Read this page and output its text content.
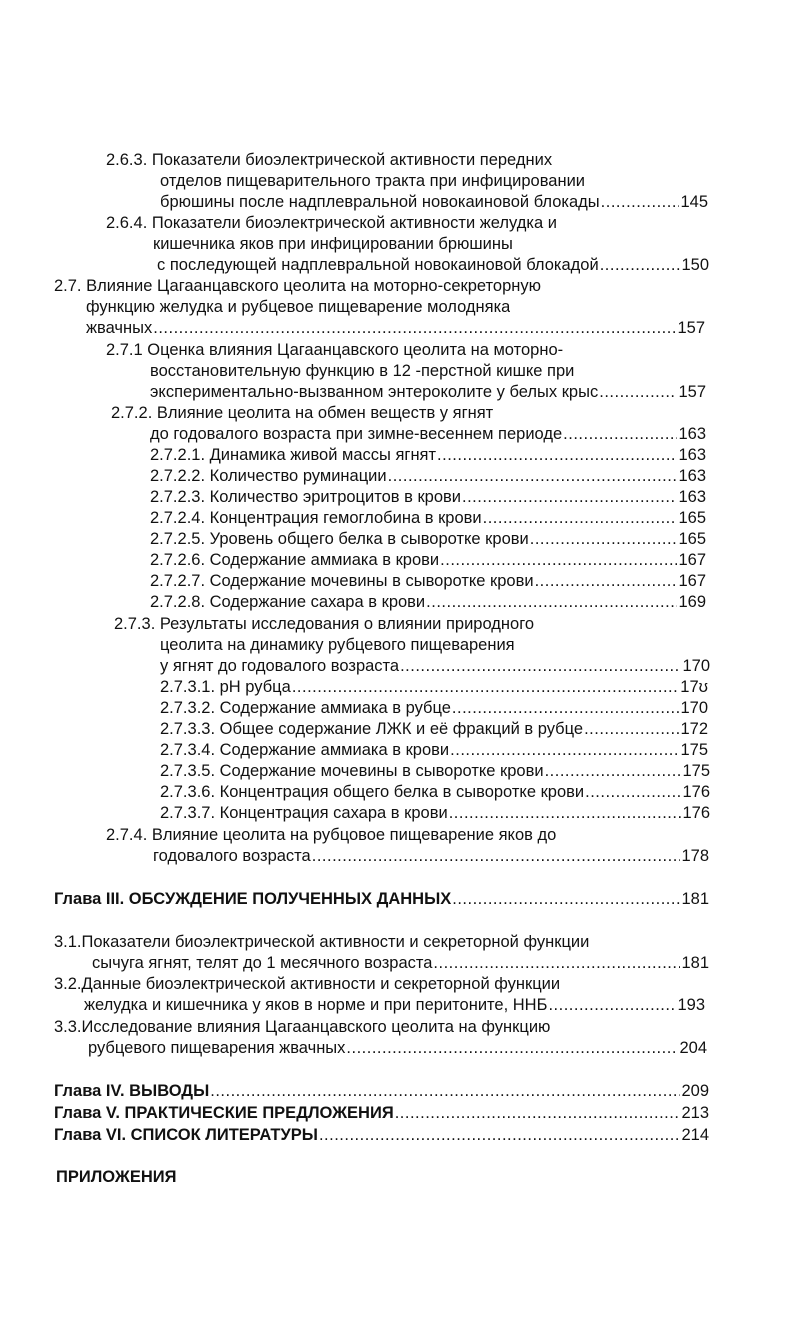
2.6.3. Показатели биоэлектрической активности передних
отделов пищеварительного тракта при инфицировании
брюшины после надплевральной новокаиновой блокады .....	145
2.6.4. Показатели биоэлектрической активности желудка и
кишечника яков при инфицировании брюшины
с последующей надплевральной новокаиновой блокадой .....	150
2.7. Влияние Цагаанцавского цеолита на моторно-секреторную
функцию желудка и рубцевое пищеварение молодняка
жвачных .....	157
2.7.1 Оценка влияния Цагаанцавского цеолита на моторно-
восстановительную функцию в 12 -перстной кишке при
экспериментально-вызванном энтероколите у белых крыс .....	157
2.7.2. Влияние цеолита на обмен веществ у ягнят
до годовалого возраста при зимне-весеннем периоде .....	163
2.7.2.1. Динамика живой массы ягнят .....	163
2.7.2.2. Количество руминации .....	163
2.7.2.3. Количество эритроцитов в крови .....	163
2.7.2.4. Концентрация гемоглобина в крови .....	165
2.7.2.5. Уровень общего белка в сыворотке крови .....	165
2.7.2.6. Содержание аммиака в крови .....	167
2.7.2.7. Содержание мочевины в сыворотке крови .....	167
2.7.2.8. Содержание сахара в крови .....	169
2.7.3. Результаты исследования о влиянии природного
цеолита на динамику рубцевого пищеварения
у ягнят до годовалого возраста .....	170
2.7.3.1. pH рубца .....	17ʊ
2.7.3.2. Содержание аммиака в рубце .....	170
2.7.3.3. Общее содержание ЛЖК и её фракций в рубце .....	172
2.7.3.4. Содержание аммиака в крови .....	175
2.7.3.5. Содержание мочевины в сыворотке крови .....	175
2.7.3.6. Концентрация общего белка в сыворотке крови .....	176
2.7.3.7. Концентрация сахара в крови .....	176
2.7.4. Влияние цеолита на рубцовое пищеварение яков до
годовалого возраста .....	178
Глава III. ОБСУЖДЕНИЕ ПОЛУЧЕННЫХ ДАННЫХ .....	181
3.1.Показатели биоэлектрической активности и секреторной функции
сычуга ягнят, телят до 1 месячного возраста .....	181
3.2.Данные биоэлектрической активности и секреторной функции
желудка и кишечника у яков в норме и при перитоните, ННБ .....	193
3.3.Исследование влияния Цагаанцавского цеолита на функцию
рубцевого пищеварения жвачных .....	204
Глава IV. ВЫВОДЫ .....	209
Глава V. ПРАКТИЧЕСКИЕ ПРЕДЛОЖЕНИЯ .....	213
Глава VI. СПИСОК ЛИТЕРАТУРЫ .....	214
ПРИЛОЖЕНИЯ
